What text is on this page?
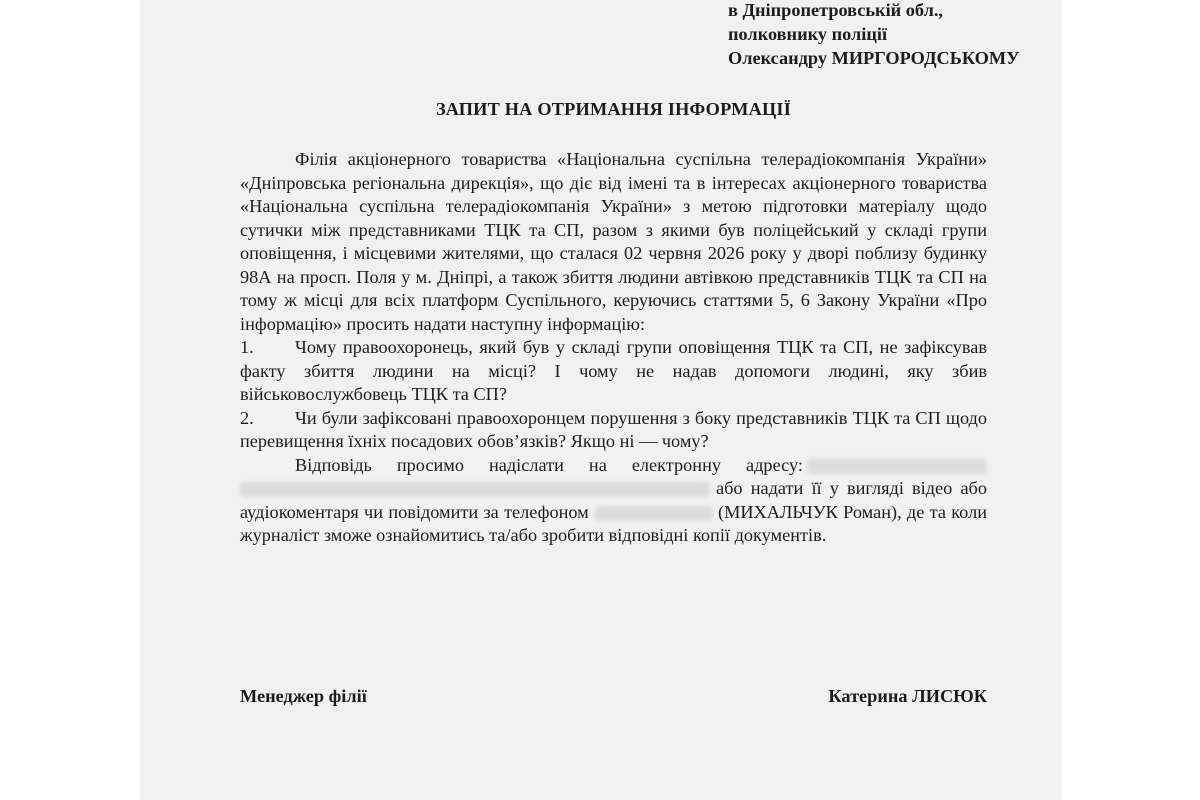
в Дніпропетровській обл.,
полковнику поліції
Олександру МИРГОРОДСЬКОМУ
ЗАПИТ НА ОТРИМАННЯ ІНФОРМАЦІЇ

Філія акціонерного товариства «Національна суспільна телерадіокомпанія України» «Дніпровська регіональна дирекція», що діє від імені та в інтересах акціонерного товариства «Національна суспільна телерадіокомпанія України» з метою підготовки матеріалу щодо сутички між представниками ТЦК та СП, разом з якими був поліцейський у складі групи оповіщення, і місцевими жителями, що сталася 02 червня 2026 року у дворі поблизу будинку 98А на просп. Поля у м. Дніпрі, а також збиття людини автівкою представників ТЦК та СП на тому ж місці для всіх платформ Суспільного, керуючись статтями 5, 6 Закону України «Про інформацію» просить надати наступну інформацію:

1.	Чому правоохоронець, який був у складі групи оповіщення ТЦК та СП, не зафіксував факту збиття людини на місці? І чому не надав допомоги людині, яку збив військовослужбовець ТЦК та СП?

2.	Чи були зафіксовані правоохоронцем порушення з боку представників ТЦК та СП щодо перевищення їхніх посадових обов’язків? Якщо ні — чому?

Відповідь просимо надіслати на електронну адресу: або надати її у вигляді відео або аудіокоментаря чи повідомити за телефоном	(МИХАЛЬЧУК Роман), де та коли журналіст зможе ознайомитись та/або зробити відповідні копії документів.

Менеджер філії	Катерина ЛИСЮК
